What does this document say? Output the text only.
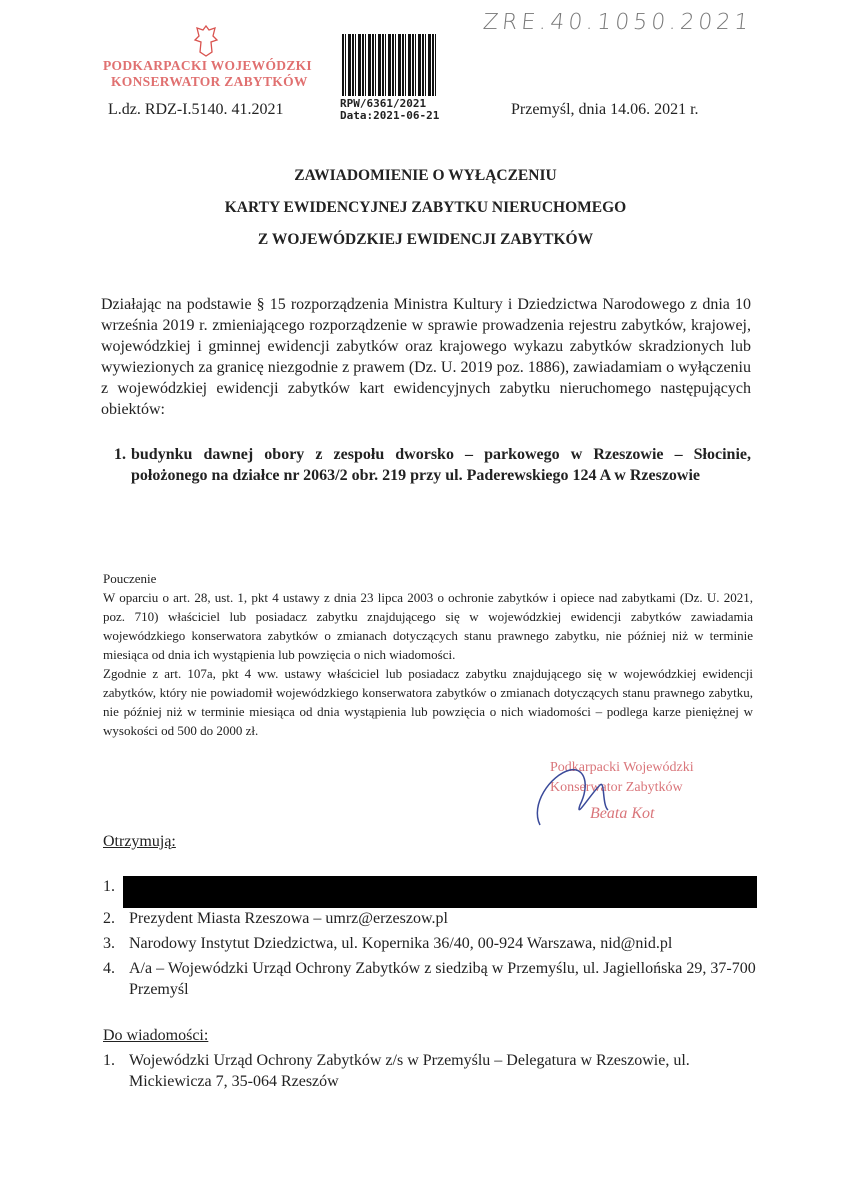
ZRE.40.1050.2021
PODKARPACKI WOJEWÓDZKI
KONSERWATOR ZABYTKÓW
L.dz. RDZ-I.5140. 41.2021	RPW/6361/2021
Data:2021-06-21	Przemyśl, dnia 14.06. 2021 r.
ZAWIADOMIENIE O WYŁĄCZENIU
KARTY EWIDENCYJNEJ ZABYTKU NIERUCHOMEGO
Z WOJEWÓDZKIEJ EWIDENCJI ZABYTKÓW
Działając na podstawie § 15 rozporządzenia Ministra Kultury i Dziedzictwa Narodowego z dnia 10 września 2019 r. zmieniającego rozporządzenie w sprawie prowadzenia rejestru zabytków, krajowej, wojewódzkiej i gminnej ewidencji zabytków oraz krajowego wykazu zabytków skradzionych lub wywiezionych za granicę niezgodnie z prawem (Dz. U. 2019 poz. 1886), zawiadamiam o wyłączeniu z wojewódzkiej ewidencji zabytków kart ewidencyjnych zabytku nieruchomego następujących obiektów:
1. budynku dawnej obory z zespołu dworsko – parkowego w Rzeszowie – Słocinie, położonego na działce nr 2063/2 obr. 219 przy ul. Paderewskiego 124 A w Rzeszowie
Pouczenie
W oparciu o art. 28, ust. 1, pkt 4 ustawy z dnia 23 lipca 2003 o ochronie zabytków i opiece nad zabytkami (Dz. U. 2021, poz. 710) właściciel lub posiadacz zabytku znajdującego się w wojewódzkiej ewidencji zabytków zawiadamia wojewódzkiego konserwatora zabytków o zmianach dotyczących stanu prawnego zabytku, nie później niż w terminie miesiąca od dnia ich wystąpienia lub powzięcia o nich wiadomości.
Zgodnie z art. 107a, pkt 4 ww. ustawy właściciel lub posiadacz zabytku znajdującego się w wojewódzkiej ewidencji zabytków, który nie powiadomił wojewódzkiego konserwatora zabytków o zmianach dotyczących stanu prawnego zabytku, nie później niż w terminie miesiąca od dnia wystąpienia lub powzięcia o nich wiadomości – podlega karze pieniężnej w wysokości od 500 do 2000 zł.
Podkarpacki Wojewódzki
Konserwator Zabytków
Beata Kot
Otrzymują:
1.
2. Prezydent Miasta Rzeszowa – umrz@erzeszow.pl
3. Narodowy Instytut Dziedzictwa, ul. Kopernika 36/40, 00-924 Warszawa, nid@nid.pl
4. A/a – Wojewódzki Urząd Ochrony Zabytków z siedzibą w Przemyślu, ul. Jagiellońska 29, 37-700 Przemyśl
Do wiadomości:
1. Wojewódzki Urząd Ochrony Zabytków z/s w Przemyślu – Delegatura w Rzeszowie, ul. Mickiewicza 7, 35-064 Rzeszów
